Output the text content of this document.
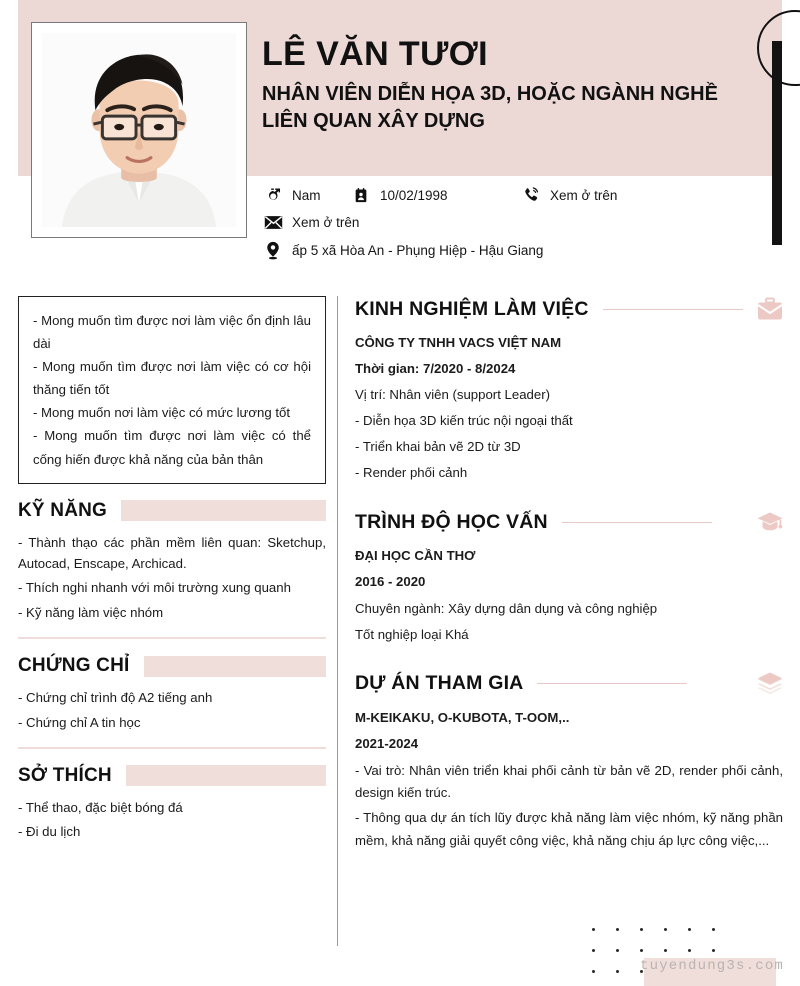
LÊ VĂN TƯƠI
NHÂN VIÊN DIỄN HỌA 3D, HOẶC NGÀNH NGHỀ LIÊN QUAN XÂY DỰNG
Nam	10/02/1998	Xem ở trên
Xem ở trên
ấp 5 xã Hòa An - Phụng Hiệp - Hậu Giang

- Mong muốn tìm được nơi làm việc ổn định lâu dài

- Mong muốn tìm được nơi làm việc có cơ hội thăng tiến tốt

- Mong muốn nơi làm việc có mức lương tốt

- Mong muốn tìm được nơi làm việc có thể cống hiến được khả năng của bản thân

KỸ NĂNG

- Thành thạo các phần mềm liên quan: Sketchup, Autocad, Enscape, Archicad.

- Thích nghi nhanh với môi trường xung quanh

- Kỹ năng làm việc nhóm

CHỨNG CHỈ

- Chứng chỉ trình độ A2 tiếng anh

- Chứng chỉ A tin học

SỞ THÍCH

- Thể thao, đặc biệt bóng đá

- Đi du lịch

KINH NGHIỆM LÀM VIỆC

CÔNG TY TNHH VACS VIỆT NAM

Thời gian: 7/2020 - 8/2024

Vị trí: Nhân viên (support Leader)

- Diễn họa 3D kiến trúc nội ngoại thất

- Triển khai bản vẽ 2D từ 3D

- Render phối cảnh

TRÌNH ĐỘ HỌC VẤN

ĐẠI HỌC CẦN THƠ

2016 - 2020

Chuyên ngành: Xây dựng dân dụng và công nghiệp

Tốt nghiệp loại Khá

DỰ ÁN THAM GIA

M-KEIKAKU, O-KUBOTA, T-OOM,..

2021-2024

- Vai trò: Nhân viên triển khai phối cảnh từ bản vẽ 2D, render phối cảnh, design kiến trúc.

- Thông qua dự án tích lũy được khả năng làm việc nhóm, kỹ năng phần mềm, khả năng giải quyết công việc, khả năng chịu áp lực công việc,...

tuyendung3s.com
